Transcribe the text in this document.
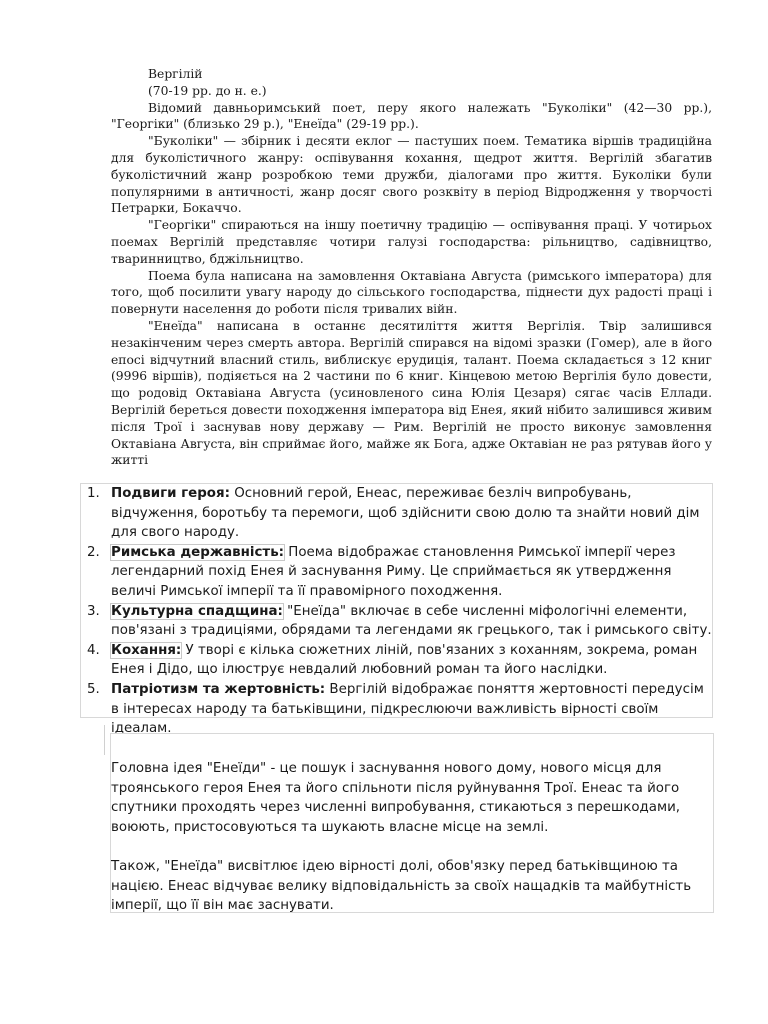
Вергілій

(70-19 рр. до н. е.)

Відомий давньоримський поет, перу якого належать "Буколіки" (42—30 рр.), "Георгіки" (близько 29 р.), "Енеїда" (29-19 рр.).

"Буколіки" — збірник і десяти еклог — пастуших поем. Тематика віршів традиційна для буколістичного жанру: оспівування кохання, щедрот життя. Вергілій збагатив буколістичний жанр розробкою теми дружби, діалогами про життя. Буколіки були популярними в античності, жанр досяг свого розквіту в період Відродження у творчості Петрарки, Бокаччо.

"Георгіки" спираються на іншу поетичну традицію — оспівування праці. У чотирьох поемах Вергілій представляє чотири галузі господарства: рільництво, садівництво, тваринництво, бджільництво.

Поема була написана на замовлення Октавіана Августа (римського імператора) для того, щоб посилити увагу народу до сільського господарства, піднести дух радості праці і повернути населення до роботи після тривалих війн.

"Енеїда" написана в останнє десятиліття життя Вергілія. Твір залишився незакінченим через смерть автора. Вергілій спирався на відомі зразки (Гомер), але в його епосі відчутний власний стиль, виблискує ерудиція, талант. Поема складається з 12 книг (9996 віршів), подіяється на 2 частини по 6 книг. Кінцевою метою Вергілія було довести, що родовід Октавіана Августа (усиновленого сина Юлія Цезаря) сягає часів Еллади. Вергілій береться довести походження імператора від Енея, який нібито залишився живим після Трої і заснував нову державу — Рим. Вергілій не просто виконує замовлення Октавіана Августа, він сприймає його, майже як Бога, адже Октавіан не раз рятував його у житті

1. Подвиги героя: Основний герой, Енеас, переживає безліч випробувань, відчуження, боротьбу та перемоги, щоб здійснити свою долю та знайти новий дім для свого народу.
2. Римська державність: Поема відображає становлення Римської імперії через легендарний похід Енея й заснування Риму. Це сприймається як утвердження величі Римської імперії та її правомірного походження.
3. Культурна спадщина: "Енеїда" включає в себе численні міфологічні елементи, пов'язані з традиціями, обрядами та легендами як грецького, так і римського світу.
4. Кохання: У творі є кілька сюжетних ліній, пов'язаних з коханням, зокрема, роман Енея і Дідо, що ілюструє невдалий любовний роман та його наслідки.
5. Патріотизм та жертовність: Вергілій відображає поняття жертовності передусім в інтересах народу та батьківщини, підкреслюючи важливість вірності своїм ідеалам.

Головна ідея "Енеїди" - це пошук і заснування нового дому, нового місця для троянського героя Енея та його спільноти після руйнування Трої. Енеас та його спутники проходять через численні випробування, стикаються з перешкодами, воюють, пристосовуються та шукають власне місце на землі.

Також, "Енеїда" висвітлює ідею вірності долі, обов'язку перед батьківщиною та нацією. Енеас відчуває велику відповідальність за своїх нащадків та майбутність імперії, що її він має заснувати.
